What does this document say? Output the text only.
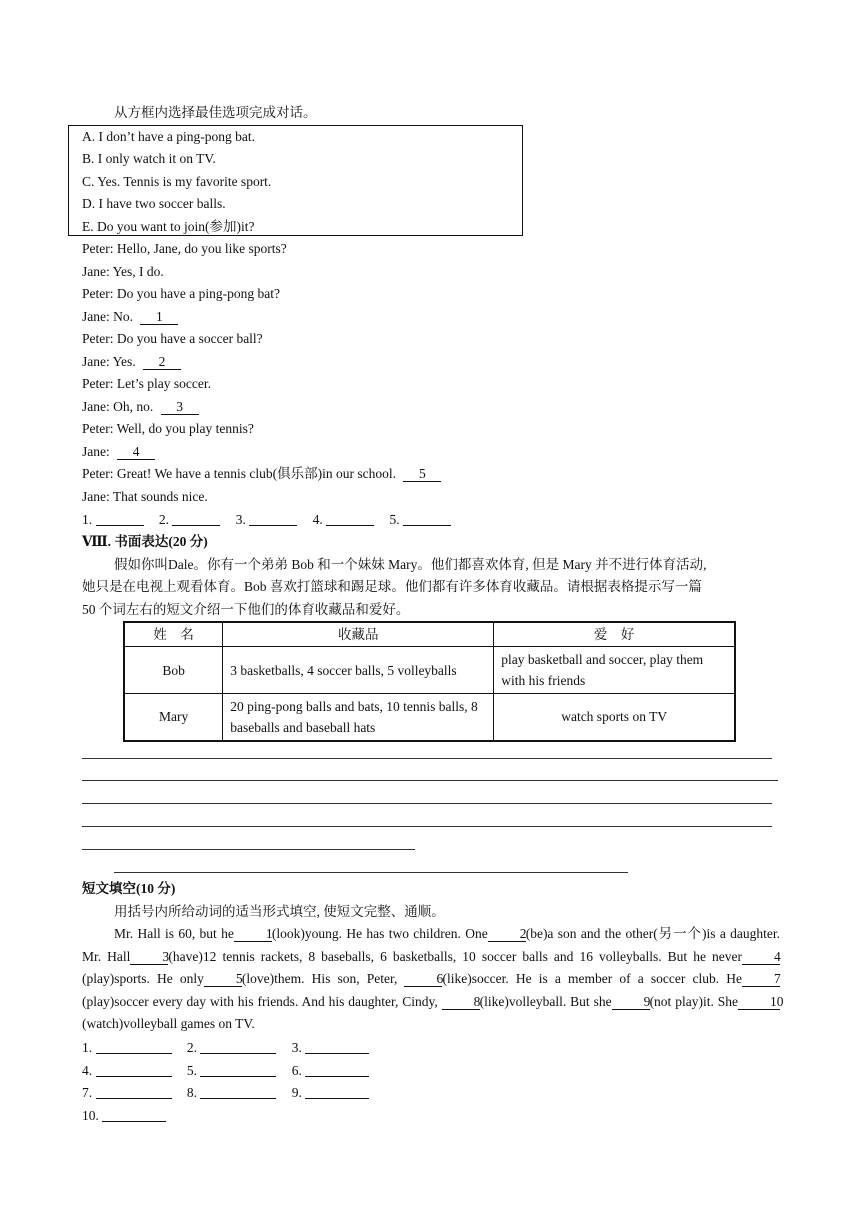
从方框内选择最佳选项完成对话。
A. I don’t have a ping-pong bat.
B. I only watch it on TV.
C. Yes. Tennis is my favorite sport.
D. I have two soccer balls.
E. Do you want to join(参加)it?
Peter: Hello, Jane, do you like sports?
Jane: Yes, I do.
Peter: Do you have a ping-pong bat?
Jane: No. 1
Peter: Do you have a soccer ball?
Jane: Yes. 2
Peter: Let’s play soccer.
Jane: Oh, no. 3
Peter: Well, do you play tennis?
Jane: 4
Peter: Great! We have a tennis club(俱乐部)in our school. 5
Jane: That sounds nice.
1.	2.	3.	4.	5.
Ⅷ. 书面表达(20 分)
假如你叫Dale。你有一个弟弟 Bob 和一个妹妹 Mary。他们都喜欢体育, 但是 Mary 并不进行体育活动,
她只是在电视上观看体育。Bob 喜欢打篮球和踢足球。他们都有许多体育收藏品。请根据表格提示写一篇
50 个词左右的短文介绍一下他们的体育收藏品和爱好。
姓　名	收藏品	爱　好
Bob	3 basketballs, 4 soccer balls, 5 volleyballs	play basketball and soccer, play them with his friends
Mary	20 ping-pong balls and bats, 10 tennis balls, 8 baseballs and baseball hats	watch sports on TV
短文填空(10 分)
用括号内所给动词的适当形式填空, 使短文完整、通顺。
Mr. Hall is 60, but he 1(look)young. He has two children. One 2(be)a son and the other(另一个)is a daughter. Mr. Hall 3(have)12 tennis rackets, 8 baseballs, 6 basketballs, 10 soccer balls and 16 volleyballs. But he never 4(play)sports. He only 5(love)them. His son, Peter, 6(like)soccer. He is a member of a soccer club. He 7(play)soccer every day with his friends. And his daughter, Cindy, 8(like)volleyball. But she 9(not play)it. She 10(watch)volleyball games on TV.
1.	2.	3.
4.	5.	6.
7.	8.	9.
10.
